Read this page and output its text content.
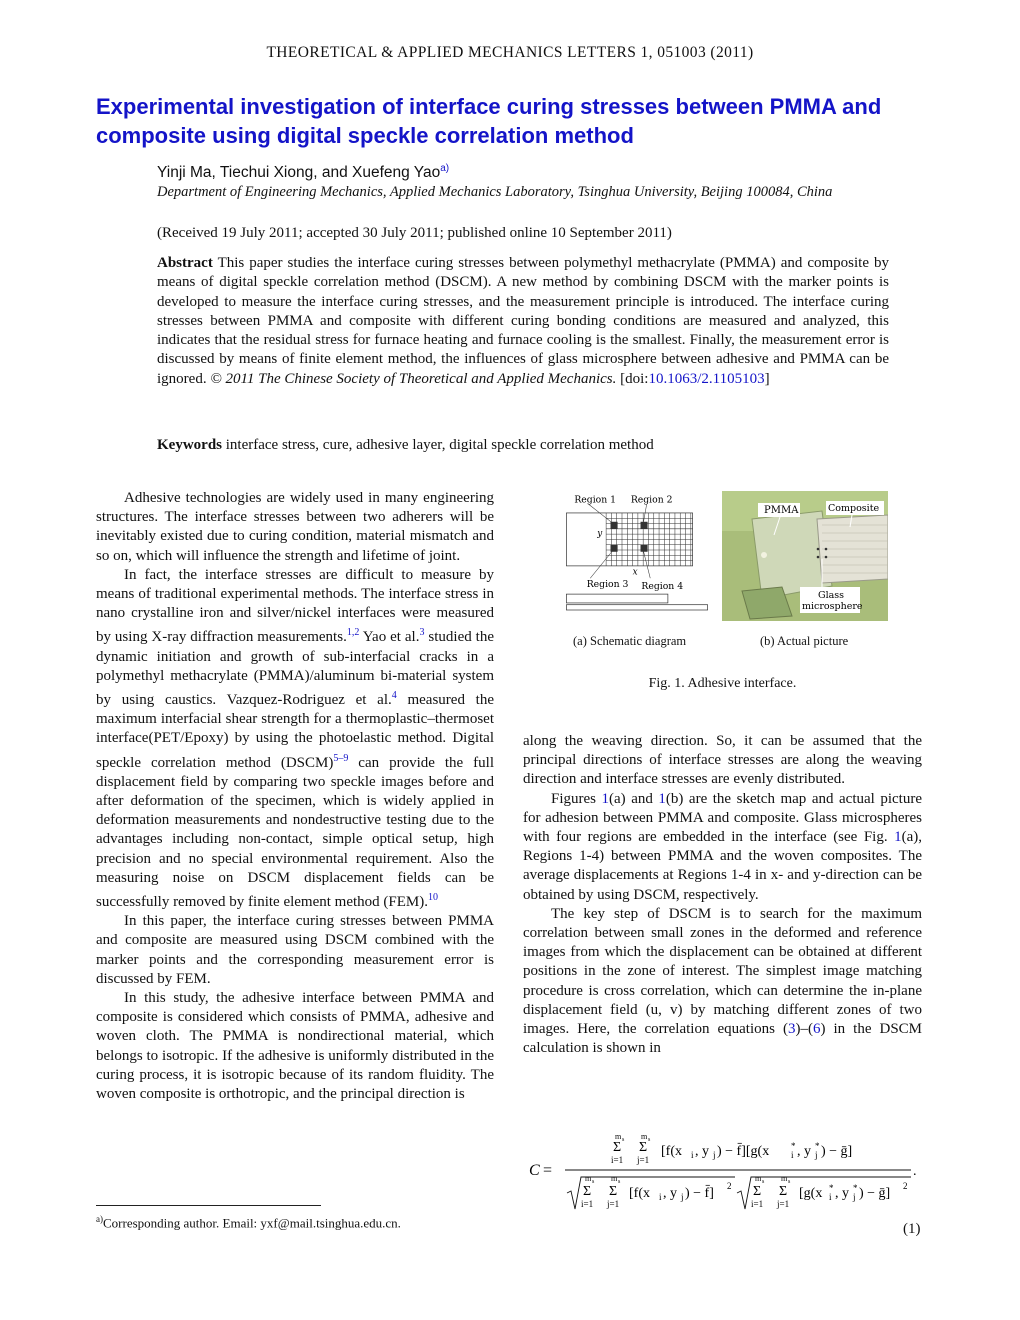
THEORETICAL & APPLIED MECHANICS LETTERS 1, 051003 (2011)
Experimental investigation of interface curing stresses between PMMA and composite using digital speckle correlation method
Yinji Ma, Tiechui Xiong, and Xuefeng Yao$^{a)}$
Department of Engineering Mechanics, Applied Mechanics Laboratory, Tsinghua University, Beijing 100084, China
(Received 19 July 2011; accepted 30 July 2011; published online 10 September 2011)
Abstract This paper studies the interface curing stresses between polymethyl methacrylate (PMMA) and composite by means of digital speckle correlation method (DSCM). A new method by combining DSCM with the marker points is developed to measure the interface curing stresses, and the measurement principle is introduced. The interface curing stresses between PMMA and composite with different curing bonding conditions are measured and analyzed, this indicates that the residual stress for furnace heating and furnace cooling is the smallest. Finally, the measurement error is discussed by means of finite element method, the influences of glass microsphere between adhesive and PMMA can be ignored. © 2011 The Chinese Society of Theoretical and Applied Mechanics. [doi:10.1063/2.1105103]
Keywords interface stress, cure, adhesive layer, digital speckle correlation method

Adhesive technologies are widely used in many engineering structures. The interface stresses between two adherers will be inevitably existed due to curing condition, material mismatch and so on, which will influence the strength and lifetime of joint.

In fact, the interface stresses are difficult to measure by means of traditional experimental methods. The interface stress in nano crystalline iron and silver/nickel interfaces were measured by using X-ray diffraction measurements.$^{1,2}$ Yao et al.$^3$ studied the dynamic initiation and growth of sub-interfacial cracks in a polymethyl methacrylate (PMMA)/aluminum bi-material system by using caustics. Vazquez-Rodriguez et al.$^4$ measured the maximum interfacial shear strength for a thermoplastic–thermoset interface(PET/Epoxy) by using the photoelastic method. Digital speckle correlation method (DSCM)$^{5-9}$ can provide the full displacement field by comparing two speckle images before and after deformation of the specimen, which is widely applied in deformation measurements and nondestructive testing due to the advantages including non-contact, simple optical setup, high precision and no special environmental requirement. Also the measuring noise on DSCM displacement fields can be successfully removed by finite element method (FEM).$^{10}$

In this paper, the interface curing stresses between PMMA and composite are measured using DSCM combined with the marker points and the corresponding measurement error is discussed by FEM.

In this study, the adhesive interface between PMMA and composite is considered which consists of PMMA, adhesive and woven cloth. The PMMA is nondirectional material, which belongs to isotropic. If the adhesive is uniformly distributed in the curing process, it is isotropic because of its random fluidity. The woven composite is orthotropic, and the principal direction is

Region 1 Region 2
y
x
Region 3 Region 4
PMMA	Composite
Glass
microsphere
(a) Schematic diagram	(b) Actual picture
Fig. 1. Adhesive interface.

along the weaving direction. So, it can be assumed that the principal directions of interface stresses are along the weaving direction and interface stresses are evenly distributed.

Figures 1(a) and 1(b) are the sketch map and actual picture for adhesion between PMMA and composite. Glass microspheres with four regions are embedded in the interface (see Fig. 1(a), Regions 1-4) between PMMA and the woven composites. The average displacements at Regions 1-4 in x- and y-direction can be obtained by using DSCM, respectively.

The key step of DSCM is to search for the maximum correlation between small zones in the deformed and reference images from which the displacement can be obtained at different positions in the zone of interest. The simplest image matching procedure is cross correlation, which can determine the in-plane displacement field (u, v) by matching different zones of two images. Here, the correlation equations (3)–(6) in the DSCM calculation is shown in

C =
m s
Σ
i=1
m s
Σ
j=1
[f(x i , y j ) − f̄][g(x i
* , y j
* ) − ḡ]
.
m s
Σ
i=1
m s
Σ
j=1
[f(x i , y j ) − f̄] 2
m s
Σ
i=1
m s
Σ
j=1
[g(x i
* , y j
* ) − ḡ] 2
(1)
$^{a)}$Corresponding author. Email: yxf@mail.tsinghua.edu.cn.
